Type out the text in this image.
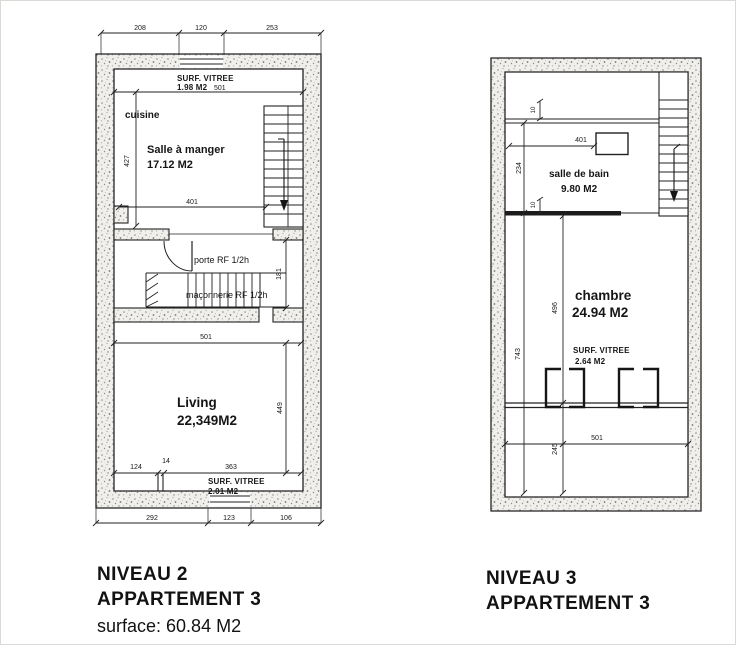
208	120	253
SURF. VITREE
1.98 M2 501
cuisine
Salle à manger
17.12 M2
427
401
porte RF 1/2h
maçonnerie RF 1/2h
181
501
449
Living
22,349M2
124
14
363
SURF. VITREE
2.01 M2
292	123	106
10
401
salle de bain
9.80 M2
234
10
chambre
24.94 M2
496
743	SURF. VITREE
2.64 M2
501
245
NIVEAU 2
APPARTEMENT 3
surface: 60.84 M2
NIVEAU 3
APPARTEMENT 3
